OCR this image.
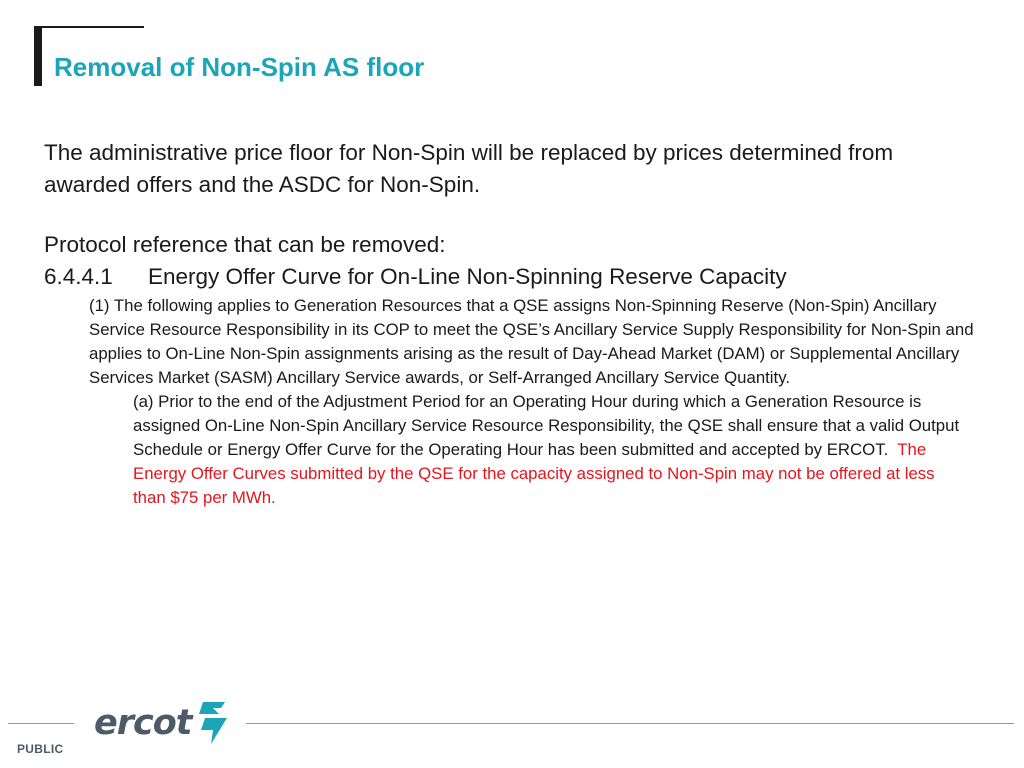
Removal of Non-Spin AS floor

The administrative price floor for Non-Spin will be replaced by prices determined from awarded offers and the ASDC for Non-Spin.

Protocol reference that can be removed:

6.4.4.1 Energy Offer Curve for On-Line Non-Spinning Reserve Capacity

(1) The following applies to Generation Resources that a QSE assigns Non-Spinning Reserve (Non-Spin) Ancillary Service Resource Responsibility in its COP to meet the QSE’s Ancillary Service Supply Responsibility for Non-Spin and applies to On-Line Non-Spin assignments arising as the result of Day-Ahead Market (DAM) or Supplemental Ancillary Services Market (SASM) Ancillary Service awards, or Self-Arranged Ancillary Service Quantity.

(a) Prior to the end of the Adjustment Period for an Operating Hour during which a Generation Resource is assigned On-Line Non-Spin Ancillary Service Resource Responsibility, the QSE shall ensure that a valid Output Schedule or Energy Offer Curve for the Operating Hour has been submitted and accepted by ERCOT. The Energy Offer Curves submitted by the QSE for the capacity assigned to Non-Spin may not be offered at less than $75 per MWh.

ercot
PUBLIC
